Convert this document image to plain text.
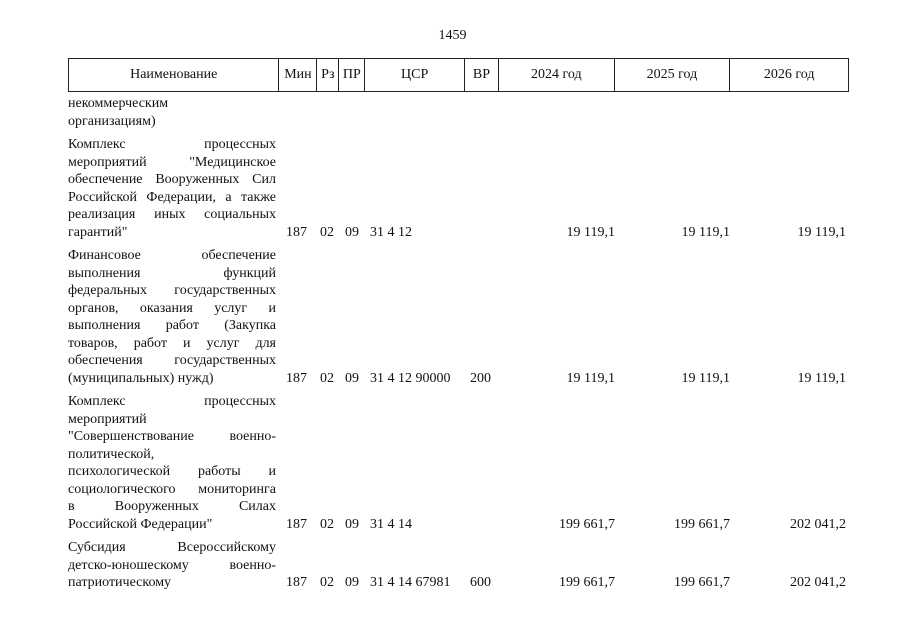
1459
Наименование	Мин Рз ПР	ЦСР	ВР	2024 год	2025 год	2026 год
некоммерческим
организациям)
Комплекс процессных
мероприятий "Медицинское
обеспечение Вооруженных Сил
Российской Федерации, а также
реализация иных социальных
гарантий"	187 02 09 31 4 12	19 119,1	19 119,1	19 119,1
Финансовое обеспечение
выполнения функций
федеральных государственных
органов, оказания услуг и
выполнения работ (Закупка
товаров, работ и услуг для
обеспечения государственных
(муниципальных) нужд)	187 02 09 31 4 12 90000 200	19 119,1	19 119,1	19 119,1
Комплекс процессных
мероприятий
"Совершенствование военно-
политической,
психологической работы и
социологического мониторинга
в Вооруженных Силах
Российской Федерации"	187 02 09 31 4 14	199 661,7	199 661,7	202 041,2
Субсидия Всероссийскому
детско-юношескому военно-
патриотическому	187 02 09 31 4 14 67981 600	199 661,7	199 661,7	202 041,2
